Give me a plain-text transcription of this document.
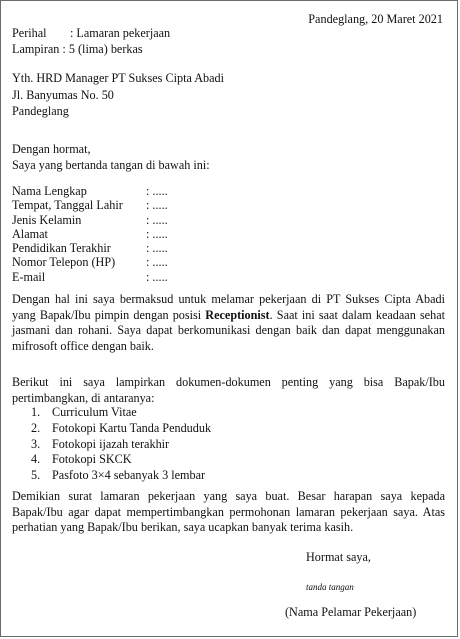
Pandeglang, 20 Maret 2021
Perihal : Lamaran pekerjaan
Lampiran : 5 (lima) berkas
Yth. HRD Manager PT Sukses Cipta Abadi
Jl. Banyumas No. 50
Pandeglang
Dengan hormat,
Saya yang bertanda tangan di bawah ini:
Nama Lengkap	: .....
Tempat, Tanggal Lahir	: .....
Jenis Kelamin	: .....
Alamat	: .....
Pendidikan Terakhir	: .....
Nomor Telepon (HP)	: .....
E-mail	: .....
Dengan hal ini saya bermaksud untuk melamar pekerjaan di PT Sukses Cipta Abadi yang Bapak/Ibu pimpin dengan posisi Receptionist. Saat ini saat dalam keadaan sehat jasmani dan rohani. Saya dapat berkomunikasi dengan baik dan dapat menggunakan mifrosoft office dengan baik.
Berikut ini saya lampirkan dokumen-dokumen penting yang bisa Bapak/Ibu pertimbangkan, di antaranya:
1. Curriculum Vitae
2. Fotokopi Kartu Tanda Penduduk
3. Fotokopi ijazah terakhir
4. Fotokopi SKCK
5. Pasfoto 3×4 sebanyak 3 lembar
Demikian surat lamaran pekerjaan yang saya buat. Besar harapan saya kepada Bapak/Ibu agar dapat mempertimbangkan permohonan lamaran pekerjaan saya. Atas perhatian yang Bapak/Ibu berikan, saya ucapkan banyak terima kasih.
Hormat saya,
tanda tangan
(Nama Pelamar Pekerjaan)
